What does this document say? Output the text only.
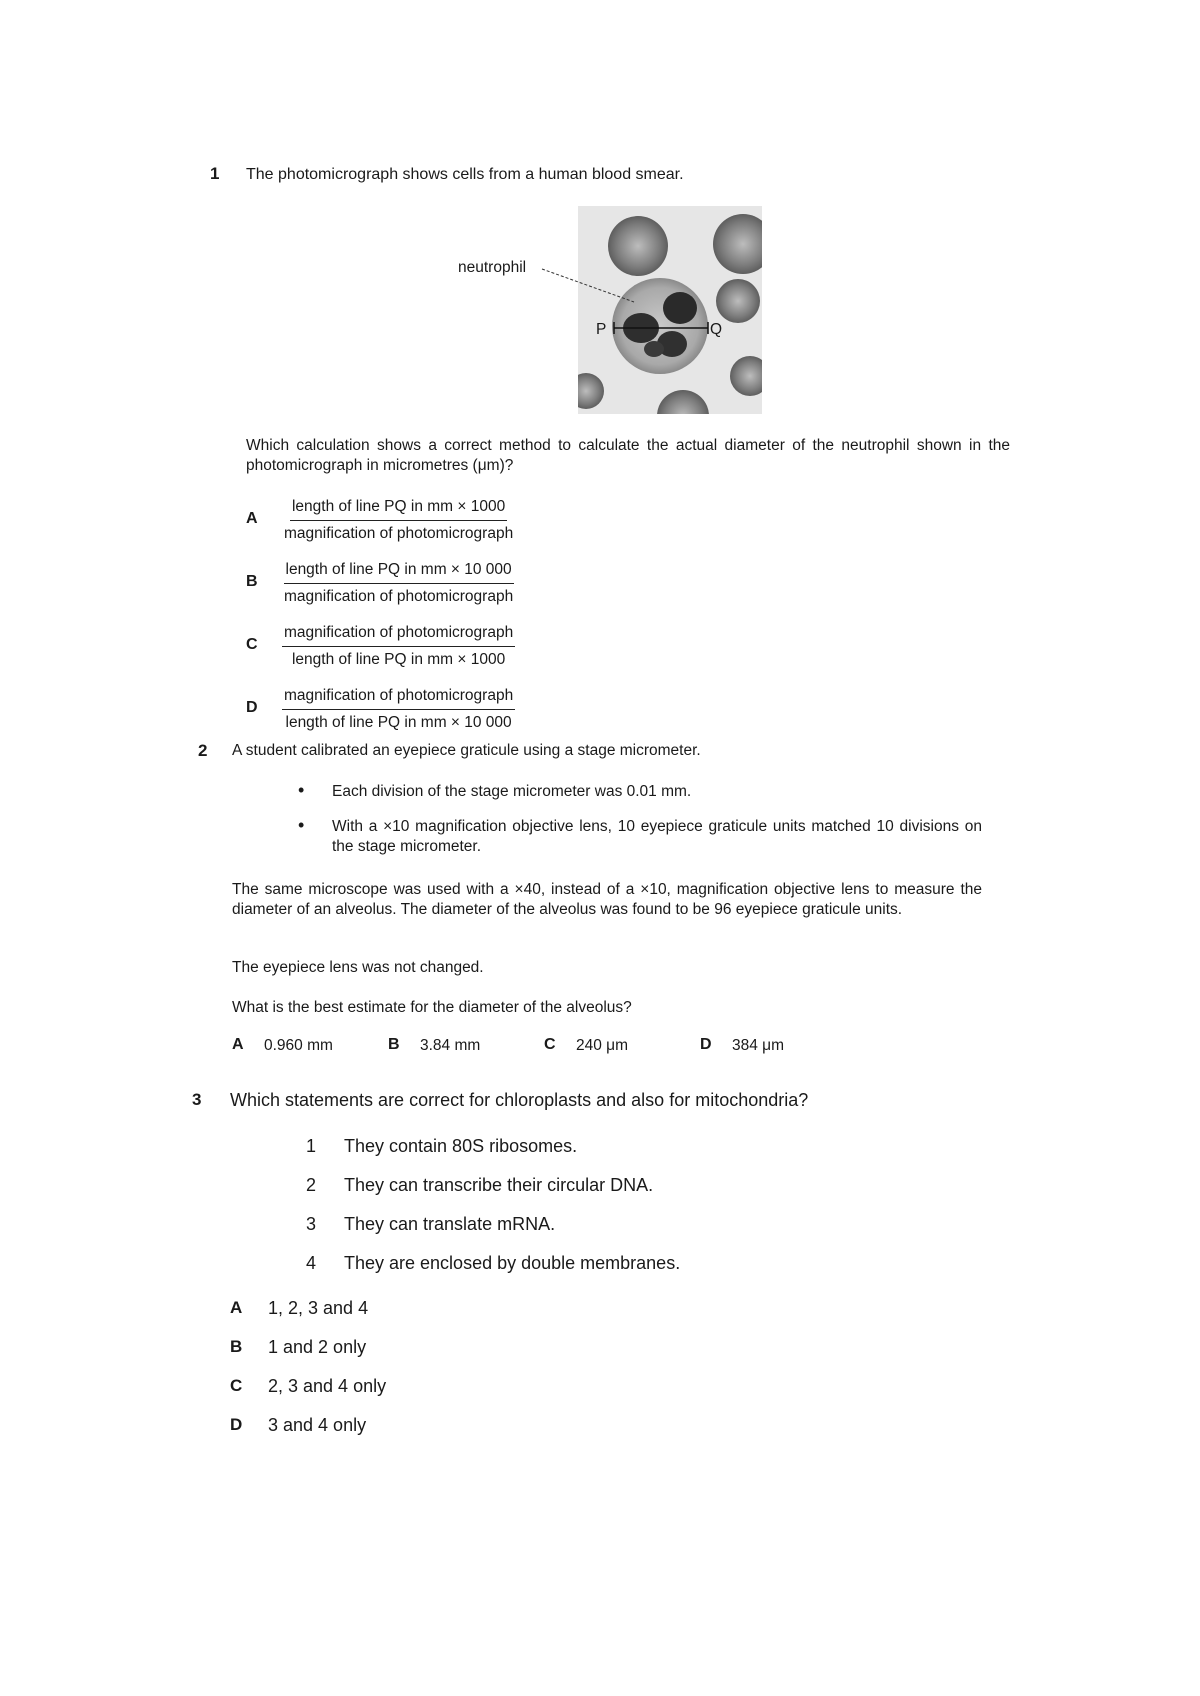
1 The photomicrograph shows cells from a human blood smear.
neutrophil
P	Q
Which calculation shows a correct method to calculate the actual diameter of the neutrophil shown in the photomicrograph in micrometres (μm)?
A
length of line PQ in mm × 1000
magnification of photomicrograph
B
length of line PQ in mm × 10 000
magnification of photomicrograph
C
magnification of photomicrograph
length of line PQ in mm × 1000
D
magnification of photomicrograph
length of line PQ in mm × 10 000
2 A student calibrated an eyepiece graticule using a stage micrometer.
• Each division of the stage micrometer was 0.01 mm.
• With a ×10 magnification objective lens, 10 eyepiece graticule units matched 10 divisions on the stage micrometer.
The same microscope was used with a ×40, instead of a ×10, magnification objective lens to measure the diameter of an alveolus. The diameter of the alveolus was found to be 96 eyepiece graticule units.
The eyepiece lens was not changed.
What is the best estimate for the diameter of the alveolus?
A 0.960 mm	B 3.84 mm	C 240 μm	D 384 μm
3 Which statements are correct for chloroplasts and also for mitochondria?
1 They contain 80S ribosomes.
2 They can transcribe their circular DNA.
3 They can translate mRNA.
4 They are enclosed by double membranes.
A 1, 2, 3 and 4
B 1 and 2 only
C 2, 3 and 4 only
D 3 and 4 only
